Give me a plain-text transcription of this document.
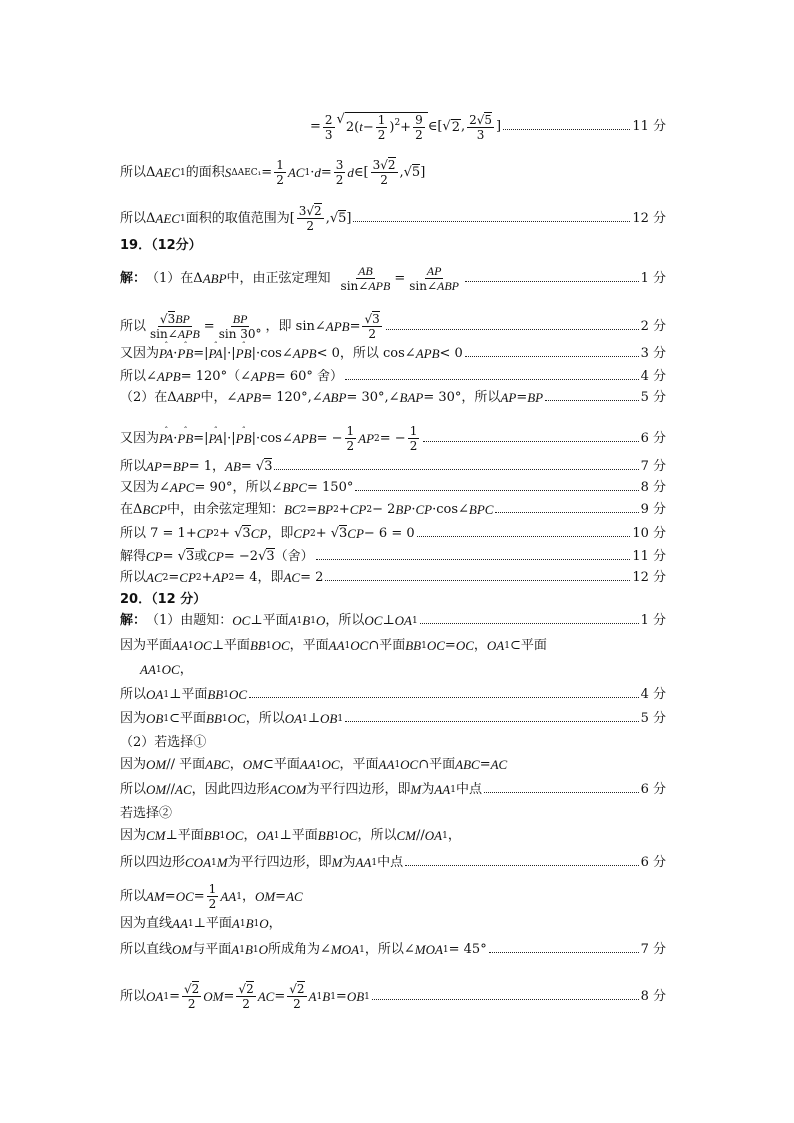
= $\frac{2}{3}$ √
$2(t- \frac{1}{2} )^2+ \frac{9}{2}$ ∈[√ 2 , $\frac{2√5}{3}$ ]	11 分
所以Δ AEC 1 的面积 S $\Delta AEC_1 = \frac{1}{2}$ AC $1 \cdot d = \frac{3}{2}$ d ∈[ $\frac{3√2}{2}$ ,√ 5 ]
所以Δ AEC 1 面积的取值范围为[ $\frac{3√2}{2}$ ,√ 5 ]	12 分
19．（12分）
解： （1）在Δ ABP 中，由正弦定理知 $\frac{AB}{\text{sin∠APB}} = \frac{AP}{\text{sin∠ABP}}$	1 分
所以 $\frac{√3BP}{\text{sin∠APB}} = \frac{BP}{\sin 30^\circ}$ ，即 sin∠ APB = $\frac{√3}{2}$	2 分
又因为 ˆ PA · ˆ PB =| ˆ PA |·| ˆ PB |·cos∠ APB < 0，所以 cos∠ APB < 0	3 分
所以∠ APB = 120°（∠ APB = 60° 舍）	4 分
（2）在Δ ABP 中，∠ APB = 120°,∠ ABP = 30°,∠ BAP = 30°，所以 AP = BP	5 分
又因为 ˆ PA · ˆ PB =| ˆ PA |·| ˆ PB |·cos∠ APB = − $\frac{1}{2}$ AP 2 = − $\frac{1}{2}$	6 分
所以 AP = BP = 1， AB = √ 3	7 分
又因为∠ APC = 90°，所以∠ BPC = 150°	8 分
在Δ BCP 中，由余弦定理知： BC 2 = BP 2 + CP 2 − 2 BP · CP ·cos∠ BPC	9 分
所以 7 = 1+ CP 2 + √ 3 CP ，即 CP 2 + √ 3 CP − 6 = 0	10 分
解得 CP = √ 3 或 CP = −2√ 3 （舍）	11 分
所以 AC 2 = CP 2 + AP 2 = 4，即 AC = 2	12 分
20．（12 分）
解： （1）由题知： OC ⊥平面 A 1 B 1 O ，所以 OC ⊥ OA 1	1 分
因为平面 AA 1 OC ⊥平面 BB 1 OC ，平面 AA 1 OC ∩平面 BB 1 OC = OC ， OA 1 ⊂平面
AA 1 OC ，
所以 OA 1 ⊥平面 BB 1 OC	4 分
因为 OB 1 ⊂平面 BB 1 OC ，所以 OA 1 ⊥ OB 1	5 分
（2）若选择①
因为 OM // 平面 ABC ， OM ⊂平面 AA 1 OC ，平面 AA 1 OC ∩平面 ABC = AC
所以 OM // AC ，因此四边形 ACOM 为平行四边形，即 M 为 AA 1 中点	6 分
若选择②
因为 CM ⊥平面 BB 1 OC ， OA 1 ⊥平面 BB 1 OC ，所以 CM // OA 1 ，
所以四边形 COA 1 M 为平行四边形，即 M 为 AA 1 中点	6 分
所以 AM = OC = $\frac{1}{2}$ AA 1 ， OM = AC
因为直线 AA 1 ⊥平面 A 1 B 1 O ，
所以直线 OM 与平面 A 1 B 1 O 所成角为∠ MOA 1 ，所以∠ MOA 1 = 45°	7 分
所以 OA $1 = \frac{√2}{2}$ OM = $\frac{√2}{2}$ AC = $\frac{√2}{2}$ A 1 B 1 = OB 1	8 分
